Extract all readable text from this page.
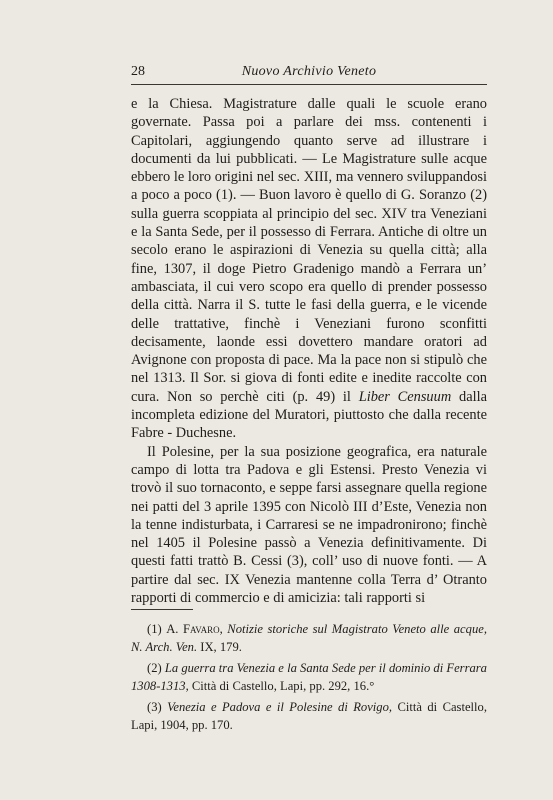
28	Nuovo Archivio Veneto

e la Chiesa. Magistrature dalle quali le scuole erano governate. Passa poi a parlare dei mss. contenenti i Capitolari, aggiungendo quanto serve ad illustrare i documenti da lui pubblicati. — Le Magistrature sulle acque ebbero le loro origini nel sec. XIII, ma vennero sviluppandosi a poco a poco (1). — Buon lavoro è quello di G. Soranzo (2) sulla guerra scoppiata al principio del sec. XIV tra Veneziani e la Santa Sede, per il possesso di Ferrara. Antiche di oltre un secolo erano le aspirazioni di Venezia su quella città; alla fine, 1307, il doge Pietro Gradenigo mandò a Ferrara un’ ambasciata, il cui vero scopo era quello di prender possesso della città. Narra il S. tutte le fasi della guerra, e le vicende delle trattative, finchè i Veneziani furono sconfitti decisamente, laonde essi dovettero mandare oratori ad Avignone con proposta di pace. Ma la pace non si stipulò che nel 1313. Il Sor. si giova di fonti edite e inedite raccolte con cura. Non so perchè citi (p. 49) il Liber Censuum dalla incompleta edizione del Muratori, piuttosto che dalla recente Fabre - Duchesne.

Il Polesine, per la sua posizione geografica, era naturale campo di lotta tra Padova e gli Estensi. Presto Venezia vi trovò il suo tornaconto, e seppe farsi assegnare quella regione nei patti del 3 aprile 1395 con Nicolò III d’Este, Venezia non la tenne indisturbata, i Carraresi se ne impadronirono; finchè nel 1405 il Polesine passò a Venezia definitivamente. Di questi fatti trattò B. Cessi (3), coll’ uso di nuove fonti. — A partire dal sec. IX Venezia mantenne colla Terra d’ Otranto rapporti di commercio e di amicizia: tali rapporti si

(1) A. Favaro, Notizie storiche sul Magistrato Veneto alle acque, N. Arch. Ven. IX, 179.

(2) La guerra tra Venezia e la Santa Sede per il dominio di Ferrara 1308-1313, Città di Castello, Lapi, pp. 292, 16.°

(3) Venezia e Padova e il Polesine di Rovigo, Città di Castello, Lapi, 1904, pp. 170.
